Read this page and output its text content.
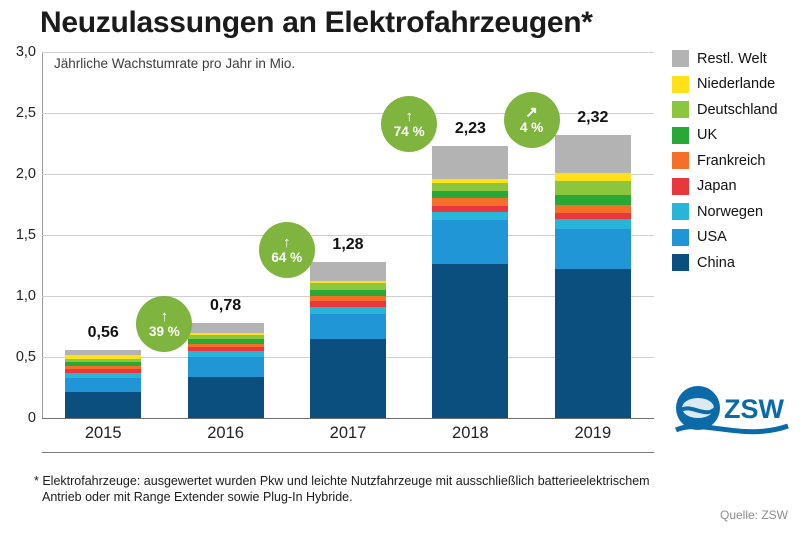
Neuzulassungen an Elektrofahrzeugen*
Jährliche Wachstumrate pro Jahr in Mio.
0
0,5
1,0
1,5
2,0
2,5
3,0
0,56
0,78
1,28
2,23
2,32
2015	2016	2017	2018	2019
↑
39 %
↑
64 %
↑
74 %
↗
4 %
Restl. Welt
Niederlande
Deutschland
UK
Frankreich
Japan
Norwegen
USA
China
ZSW
* Elektrofahrzeuge: ausgewertet wurden Pkw und leichte Nutzfahrzeuge mit ausschließlich batterieelektrischem
Antrieb oder mit Range Extender sowie Plug-In Hybride.
Quelle: ZSW
